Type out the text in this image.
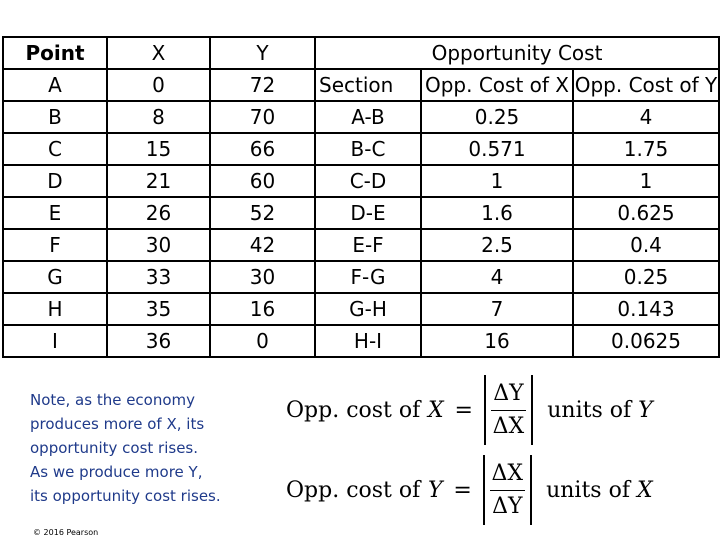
Point	X	Y	Opportunity Cost		
A	0	72	Section	Opp. Cost of X	Opp. Cost of Y
B	8	70	A-B	0.25	4
C	15	66	B-C	0.571	1.75
D	21	60	C-D	1	1
E	26	52	D-E	1.6	0.625
F	30	42	E-F	2.5	0.4
G	33	30	F-G	4	0.25
H	35	16	G-H	7	0.143
I	36	0	H-I	16	0.0625
Note, as the economy
produces more of X, its
opportunity cost rises.
As we produce more Y,
its opportunity cost rises.
Opp. cost of $X = \frac{\Delta Y}{\Delta X}$ units of Y
Opp. cost of $Y = \frac{\Delta X}{\Delta Y}$ units of X
© 2016 Pearson
